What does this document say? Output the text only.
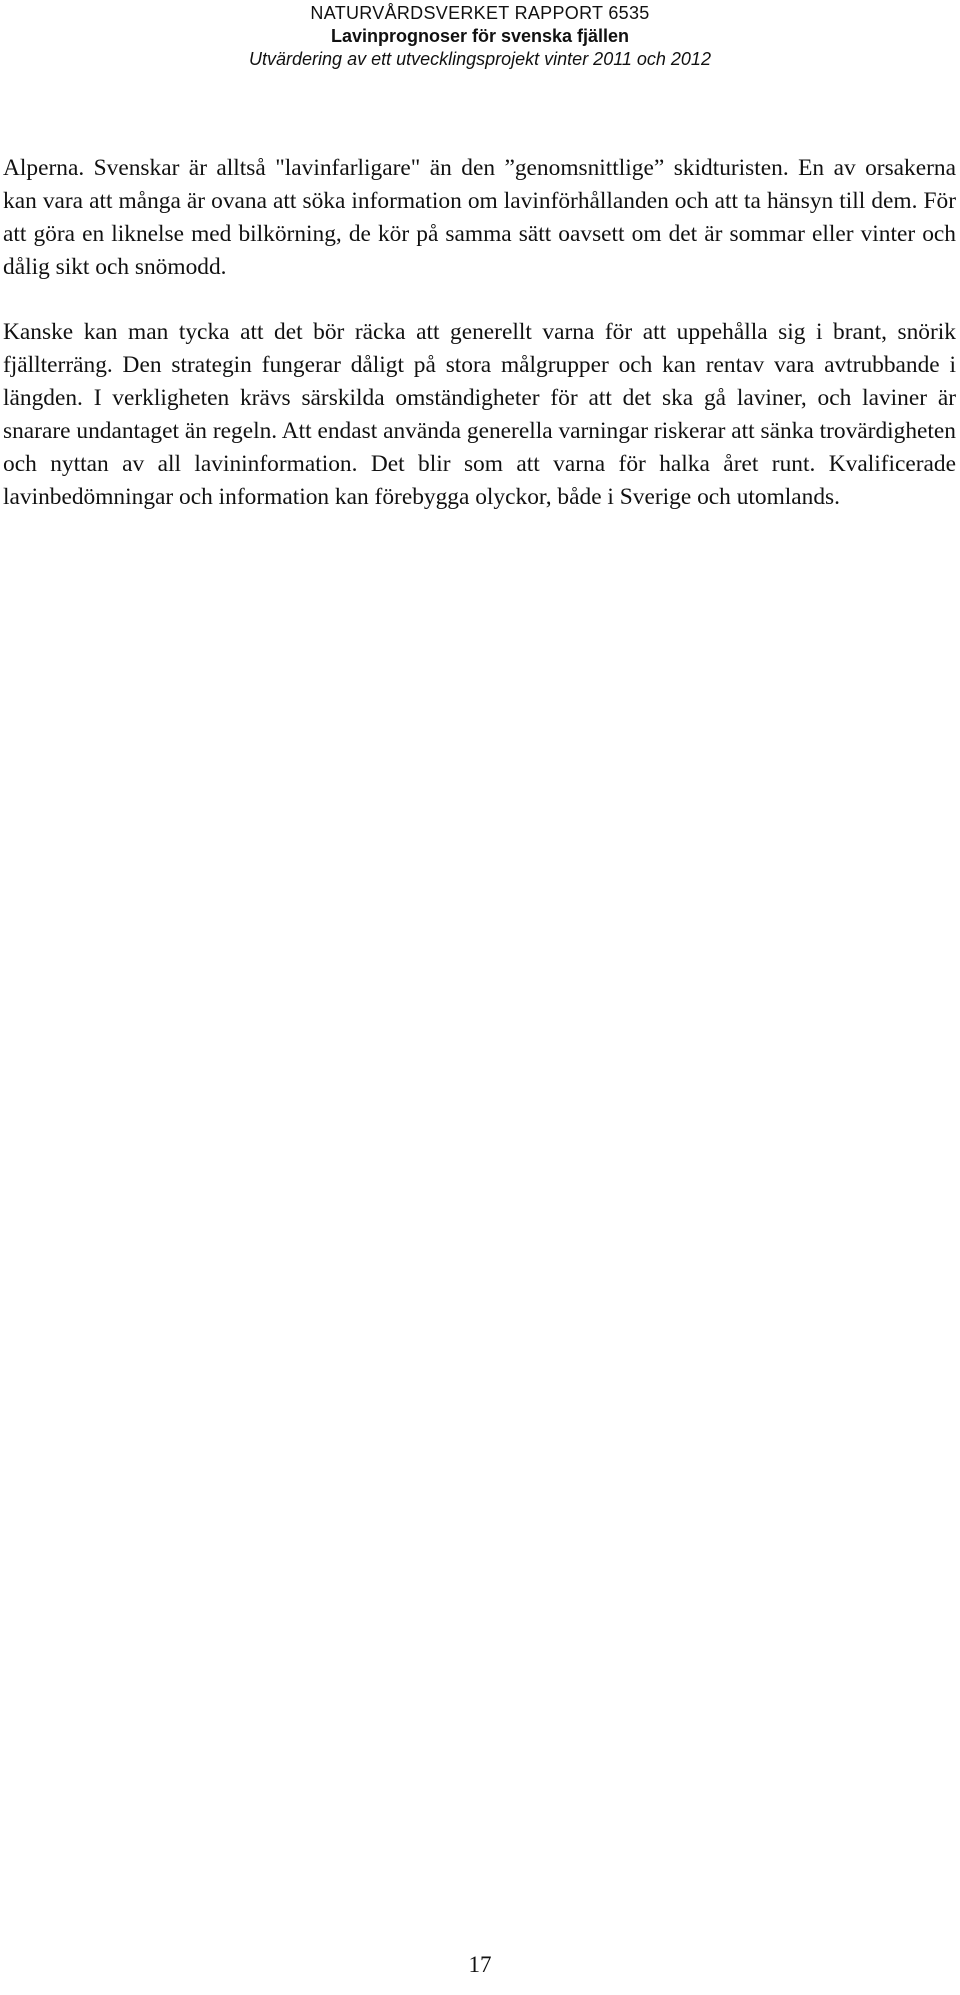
NATURVÅRDSVERKET RAPPORT 6535
Lavinprognoser för svenska fjällen
Utvärdering av ett utvecklingsprojekt vinter 2011 och 2012

Alperna. Svenskar är alltså "lavinfarligare" än den ”genomsnittlige” skidturisten. En av orsakerna kan vara att många är ovana att söka information om lavinförhållanden och att ta hänsyn till dem. För att göra en liknelse med bilkörning, de kör på samma sätt oavsett om det är sommar eller vinter och dålig sikt och snömodd.

Kanske kan man tycka att det bör räcka att generellt varna för att uppehålla sig i brant, snörik fjällterräng. Den strategin fungerar dåligt på stora målgrupper och kan rentav vara avtrubbande i längden. I verkligheten krävs särskilda omständigheter för att det ska gå laviner, och laviner är snarare undantaget än regeln. Att endast använda generella varningar riskerar att sänka trovärdigheten och nyttan av all lavininformation. Det blir som att varna för halka året runt. Kvalificerade lavinbedömningar och information kan förebygga olyckor, både i Sverige och utomlands.

17
